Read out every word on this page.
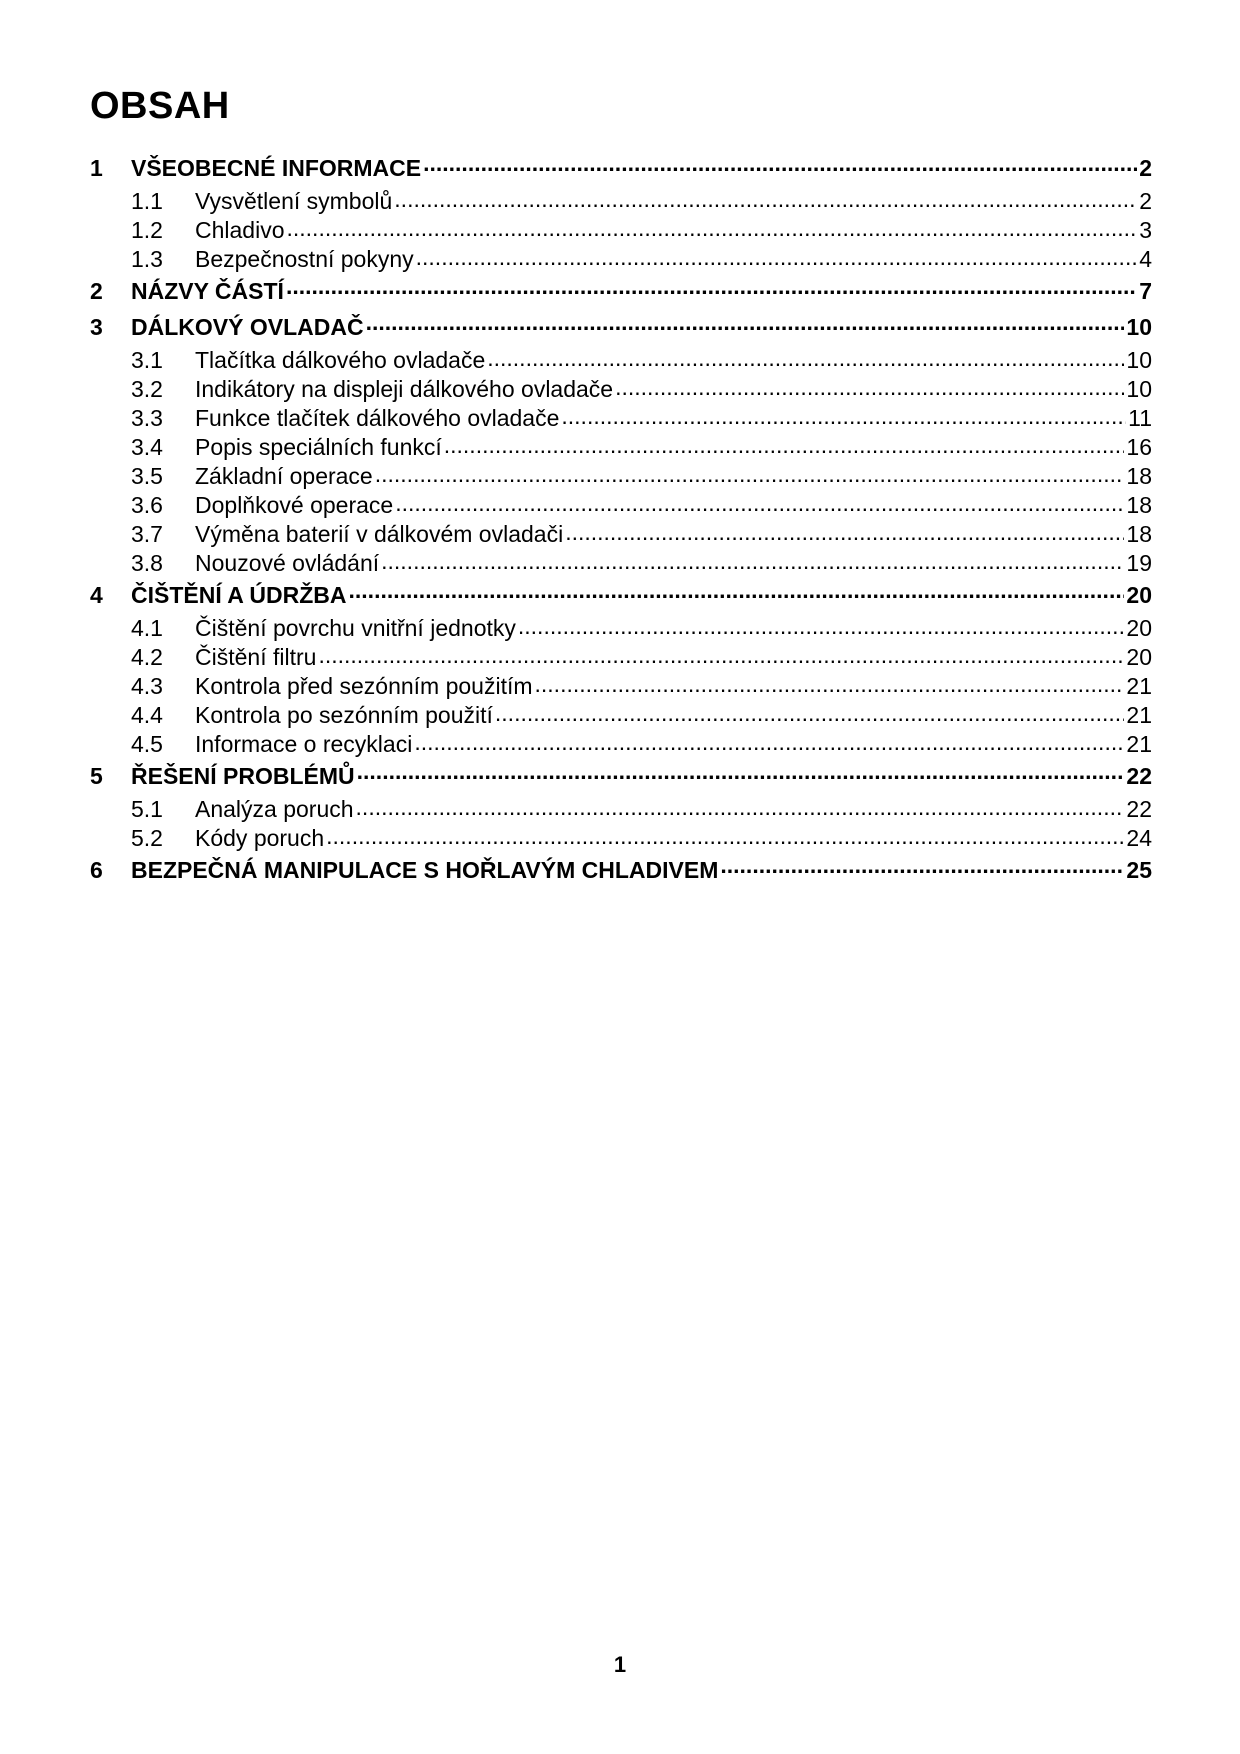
OBSAH
1	VŠEOBECNÉ INFORMACE .....	2
1.1	Vysvětlení symbolů .....	2
1.2	Chladivo .....	3
1.3	Bezpečnostní pokyny .....	4
2	NÁZVY ČÁSTÍ .....	7
3	DÁLKOVÝ OVLADAČ .....	10
3.1	Tlačítka dálkového ovladače .....	10
3.2	Indikátory na displeji dálkového ovladače .....	10
3.3	Funkce tlačítek dálkového ovladače .....	11
3.4	Popis speciálních funkcí .....	16
3.5	Základní operace .....	18
3.6	Doplňkové operace .....	18
3.7	Výměna baterií v dálkovém ovladači .....	18
3.8	Nouzové ovládání .....	19
4	ČIŠTĚNÍ A ÚDRŽBA .....	20
4.1	Čištění povrchu vnitřní jednotky .....	20
4.2	Čištění filtru .....	20
4.3	Kontrola před sezónním použitím .....	21
4.4	Kontrola po sezónním použití .....	21
4.5	Informace o recyklaci .....	21
5	ŘEŠENÍ PROBLÉMŮ .....	22
5.1	Analýza poruch .....	22
5.2	Kódy poruch .....	24
6	BEZPEČNÁ MANIPULACE S HOŘLAVÝM CHLADIVEM .....	25
1
